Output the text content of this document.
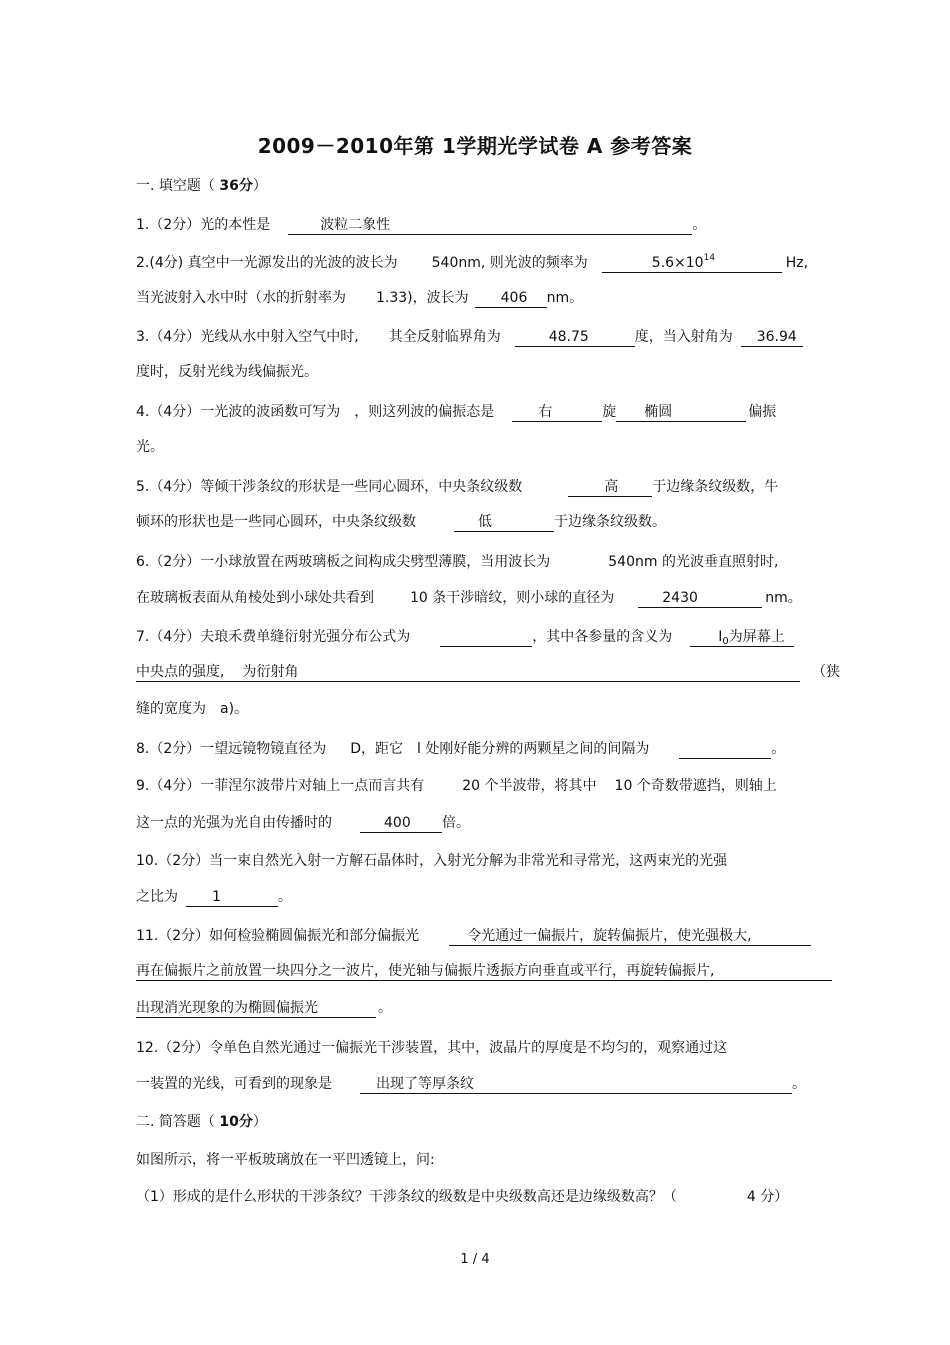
2009－2010年第 1学期光学试卷 A 参考答案
一. 填空题（ 36分）
1.（2分）光的本性是	波粒二象性	。
2.(4分) 真空中一光源发出的光波的波长为 540nm, 则光波的频率为	$5.6\times 10^{14}$	Hz,
当光波射入水中时（水的折射率为 1.33)，波长为 406 nm。
3.（4分）光线从水中射入空气中时, 其全反射临界角为	48.75	度，当入射角为 36.94
度时，反射光线为线偏振光。
4.（4分）一光波的波函数可写为 ，则这列波的偏振态是	右	旋 椭圆	偏振
光。
5.（4分）等倾干涉条纹的形状是一些同心圆环，中央条纹级数	高 于边缘条纹级数，牛
顿环的形状也是一些同心圆环，中央条纹级数	低	于边缘条纹级数。
6.（2分）一小球放置在两玻璃板之间构成尖劈型薄膜，当用波长为	540nm 的光波垂直照射时,
在玻璃板表面从角棱处到小球处共看到	10 条干涉暗纹，则小球的直径为	2430	nm。
7.（4分）夫琅禾费单缝衍射光强分布公式为	，其中各参量的含义为	$I_0$为屏幕上
中央点的强度, 为衍射角	（狭
缝的宽度为　a)。
8.（2分）一望远镜物镜直径为 D，距它　l 处刚好能分辨的两颗星之间的间隔为	。
9.（4分）一菲涅尔波带片对轴上一点而言共有	20 个半波带，将其中 10 个奇数带遮挡，则轴上
这一点的光强为光自由传播时的	400 倍。
10.（2分）当一束自然光入射一方解石晶体时，入射光分解为非常光和寻常光，这两束光的光强
之比为 1	。
11.（2分）如何检验椭圆偏振光和部分偏振光	令光通过一偏振片，旋转偏振片，使光强极大,
再在偏振片之前放置一块四分之一波片，使光轴与偏振片透振方向垂直或平行，再旋转偏振片,
出现消光现象的为椭圆偏振光	。
12.（2分）令单色自然光通过一偏振光干涉装置，其中，波晶片的厚度是不均匀的，观察通过这
一装置的光线，可看到的现象是	出现了等厚条纹	。
二. 简答题（ 10分）
如图所示，将一平板玻璃放在一平凹透镜上，问:
（1）形成的是什么形状的干涉条纹？干涉条纹的级数是中央级数高还是边缘级数高？（	4 分）
1 / 4
